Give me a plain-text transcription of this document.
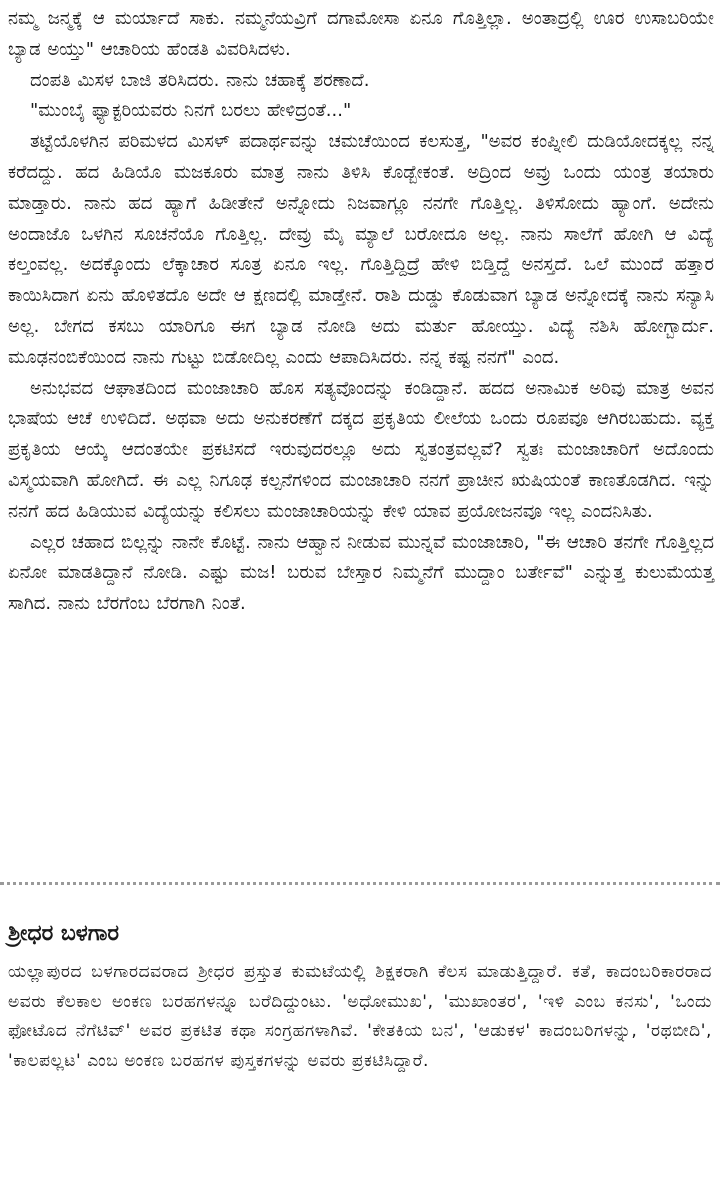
ನಮ್ಮ ಜನ್ಮಕ್ಕೆ ಆ ಮರ್ಯಾದೆ ಸಾಕು. ನಮ್ಮನೆಯವ್ರಿಗೆ ದಗಾಮೋಸಾ ಏನೂ ಗೊತ್ತಿಲ್ಲಾ. ಅಂತಾದ್ರಲ್ಲಿ ಊರ ಉಸಾಬರಿಯೇ ಬ್ಯಾಡ ಅಯ್ತು" ಆಚಾರಿಯ ಹೆಂಡತಿ ವಿವರಿಸಿದಳು.

ದಂಪತಿ ಮಿಸಳ ಬಾಜಿ ತರಿಸಿದರು. ನಾನು ಚಹಾಕ್ಕೆ ಶರಣಾದೆ.

"ಮುಂಬೈ ಫ್ಯಾಕ್ಟರಿಯವರು ನಿನಗೆ ಬರಲು ಹೇಳಿದ್ರಂತೆ..."

ತಟ್ಟೆಯೊಳಗಿನ ಪರಿಮಳದ ಮಿಸಳ್ ಪದಾರ್ಥವನ್ನು ಚಮಚೆಯಿಂದ ಕಲಸುತ್ತ, "ಅವರ ಕಂಪ್ನೀಲಿ ದುಡಿಯೋದಕ್ಕಲ್ಲ ನನ್ನ ಕರೆದದ್ದು. ಹದ ಹಿಡಿಯೊ ಮಜಕೂರು ಮಾತ್ರ ನಾನು ತಿಳಿಸಿ ಕೊಡ್ಬೇಕಂತೆ. ಅದ್ರಿಂದ ಅವ್ರು ಒಂದು ಯಂತ್ರ ತಯಾರು ಮಾಡ್ತಾರು. ನಾನು ಹದ ಹ್ಯಾಗೆ ಹಿಡೀತೇನೆ ಅನ್ನೋದು ನಿಜವಾಗ್ಲೂ ನನಗೇ ಗೊತ್ತಿಲ್ಲ. ತಿಳಿಸೋದು ಹ್ಯಾಂಗೆ. ಅದೇನು ಅಂದಾಜೊ ಒಳಗಿನ ಸೂಚನೆಯೊ ಗೊತ್ತಿಲ್ಲ. ದೇವ್ರು ಮೈ ಮ್ಯಾಲೆ ಬರೋದೂ ಅಲ್ಲ. ನಾನು ಸಾಲೆಗೆ ಹೋಗಿ ಆ ವಿದ್ಯೆ ಕಲ್ತಂವಲ್ಲ. ಅದಕ್ಕೊಂದು ಲೆಕ್ಕಾಚಾರ ಸೂತ್ರ ಏನೂ ಇಲ್ಲ. ಗೊತ್ತಿದ್ದಿದ್ರೆ ಹೇಳಿ ಬಿಡ್ತಿದ್ದೆ ಅನಸ್ತದೆ. ಒಲೆ ಮುಂದೆ ಹತ್ತಾರ ಕಾಯಿಸಿದಾಗ ಏನು ಹೊಳಿತದೊ ಅದೇ ಆ ಕ್ಷಣದಲ್ಲಿ ಮಾಡ್ತೇನೆ. ರಾಶಿ ದುಡ್ಡು ಕೊಡುವಾಗ ಬ್ಯಾಡ ಅನ್ನೋದಕ್ಕೆ ನಾನು ಸನ್ಯಾಸಿ ಅಲ್ಲ. ಬೇಗದ ಕಸಬು ಯಾರಿಗೂ ಈಗ ಬ್ಯಾಡ ನೋಡಿ ಅದು ಮರ್ತು ಹೋಯ್ತು. ವಿದ್ಯೆ ನಶಿಸಿ ಹೋಗ್ಬಾರ್ದು. ಮೂಢನಂಬಿಕೆಯಿಂದ ನಾನು ಗುಟ್ಟು ಬಿಡೋದಿಲ್ಲ ಎಂದು ಆಪಾದಿಸಿದರು. ನನ್ನ ಕಷ್ಟ ನನಗೆ" ಎಂದ.

ಅನುಭವದ ಆಘಾತದಿಂದ ಮಂಜಾಚಾರಿ ಹೊಸ ಸತ್ಯವೊಂದನ್ನು ಕಂಡಿದ್ದಾನೆ. ಹದದ ಅನಾಮಿಕ ಅರಿವು ಮಾತ್ರ ಅವನ ಭಾಷೆಯ ಆಚೆ ಉಳಿದಿದೆ. ಅಥವಾ ಅದು ಅನುಕರಣೆಗೆ ದಕ್ಕದ ಪ್ರಕೃತಿಯ ಲೀಲೆಯ ಒಂದು ರೂಪವೂ ಆಗಿರಬಹುದು. ವ್ಯಕ್ತ ಪ್ರಕೃತಿಯ ಆಯ್ಕೆ ಆದಂತಯೇ ಪ್ರಕಟಿಸದೆ ಇರುವುದರಲ್ಲೂ ಅದು ಸ್ವತಂತ್ರವಲ್ಲವೆ? ಸ್ವತಃ ಮಂಜಾಚಾರಿಗೆ ಅದೊಂದು ವಿಸ್ಮಯವಾಗಿ ಹೋಗಿದೆ. ಈ ಎಲ್ಲ ನಿಗೂಢ ಕಲ್ಪನೆಗಳಿಂದ ಮಂಜಾಚಾರಿ ನನಗೆ ಪ್ರಾಚೀನ ಋಷಿಯಂತೆ ಕಾಣತೊಡಗಿದ. ಇನ್ನು ನನಗೆ ಹದ ಹಿಡಿಯುವ ವಿದ್ಯೆಯನ್ನು ಕಲಿಸಲು ಮಂಜಾಚಾರಿಯನ್ನು ಕೇಳಿ ಯಾವ ಪ್ರಯೋಜನವೂ ಇಲ್ಲ ಎಂದನಿಸಿತು.

ಎಲ್ಲರ ಚಹಾದ ಬಿಲ್ಲನ್ನು ನಾನೇ ಕೊಟ್ಟೆ. ನಾನು ಆಹ್ವಾನ ನೀಡುವ ಮುನ್ನವೆ ಮಂಜಾಚಾರಿ, "ಈ ಆಚಾರಿ ತನಗೇ ಗೊತ್ತಿಲ್ಲದ ಏನೋ ಮಾಡತಿದ್ದಾನೆ ನೋಡಿ. ಎಷ್ಟು ಮಜ! ಬರುವ ಬೇಸ್ತಾರ ನಿಮ್ಮನೆಗೆ ಮುದ್ದಾಂ ಬರ್ತೇವೆ" ಎನ್ನುತ್ತ ಕುಲುಮೆಯತ್ತ ಸಾಗಿದ. ನಾನು ಬೆರಗೆಂಬ ಬೆರಗಾಗಿ ನಿಂತೆ.

ಶ್ರೀಧರ ಬಳಗಾರ

ಯಲ್ಲಾಪುರದ ಬಳಗಾರದವರಾದ ಶ್ರೀಧರ ಪ್ರಸ್ತುತ ಕುಮಟೆಯಲ್ಲಿ ಶಿಕ್ಷಕರಾಗಿ ಕೆಲಸ ಮಾಡುತ್ತಿದ್ದಾರೆ. ಕತೆ, ಕಾದಂಬರಿಕಾರರಾದ ಅವರು ಕೆಲಕಾಲ ಅಂಕಣ ಬರಹಗಳನ್ನೂ ಬರೆದಿದ್ದುಂಟು. 'ಅಧೋಮುಖ', 'ಮುಖಾಂತರ', 'ಇಳಿ ಎಂಬ ಕನಸು', 'ಒಂದು ಫೋಟೊದ ನೆಗೆಟಿವ್' ಅವರ ಪ್ರಕಟಿತ ಕಥಾ ಸಂಗ್ರಹಗಳಾಗಿವೆ. 'ಕೇತಕಿಯ ಬನ', 'ಆಡುಕಳ' ಕಾದಂಬರಿಗಳನ್ನು, 'ರಥಬೀದಿ', 'ಕಾಲಪಲ್ಲಟ' ಎಂಬ ಅಂಕಣ ಬರಹಗಳ ಪುಸ್ತಕಗಳನ್ನು ಅವರು ಪ್ರಕಟಿಸಿದ್ದಾರೆ.
